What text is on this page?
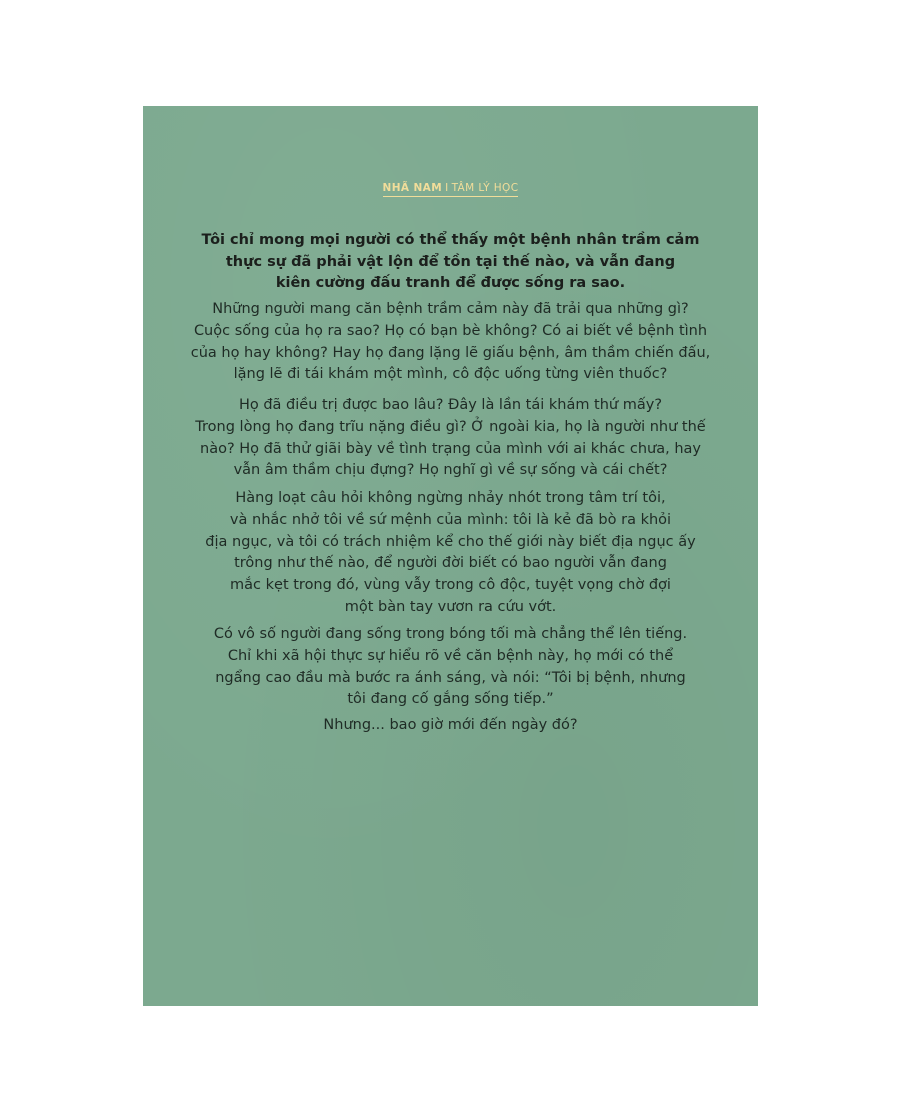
NHÃ NAM I TÂM LÝ HỌC
Tôi chỉ mong mọi người có thể thấy một bệnh nhân trầm cảm
thực sự đã phải vật lộn để tồn tại thế nào, và vẫn đang
kiên cường đấu tranh để được sống ra sao.
Những người mang căn bệnh trầm cảm này đã trải qua những gì?
Cuộc sống của họ ra sao? Họ có bạn bè không? Có ai biết về bệnh tình
của họ hay không? Hay họ đang lặng lẽ giấu bệnh, âm thầm chiến đấu,
lặng lẽ đi tái khám một mình, cô độc uống từng viên thuốc?
Họ đã điều trị được bao lâu? Đây là lần tái khám thứ mấy?
Trong lòng họ đang trĩu nặng điều gì? Ở ngoài kia, họ là người như thế
nào? Họ đã thử giãi bày về tình trạng của mình với ai khác chưa, hay
vẫn âm thầm chịu đựng? Họ nghĩ gì về sự sống và cái chết?
Hàng loạt câu hỏi không ngừng nhảy nhót trong tâm trí tôi,
và nhắc nhở tôi về sứ mệnh của mình: tôi là kẻ đã bò ra khỏi
địa ngục, và tôi có trách nhiệm kể cho thế giới này biết địa ngục ấy
trông như thế nào, để người đời biết có bao người vẫn đang
mắc kẹt trong đó, vùng vẫy trong cô độc, tuyệt vọng chờ đợi
một bàn tay vươn ra cứu vớt.
Có vô số người đang sống trong bóng tối mà chẳng thể lên tiếng.
Chỉ khi xã hội thực sự hiểu rõ về căn bệnh này, họ mới có thể
ngẩng cao đầu mà bước ra ánh sáng, và nói: “Tôi bị bệnh, nhưng
tôi đang cố gắng sống tiếp.”
Nhưng... bao giờ mới đến ngày đó?
